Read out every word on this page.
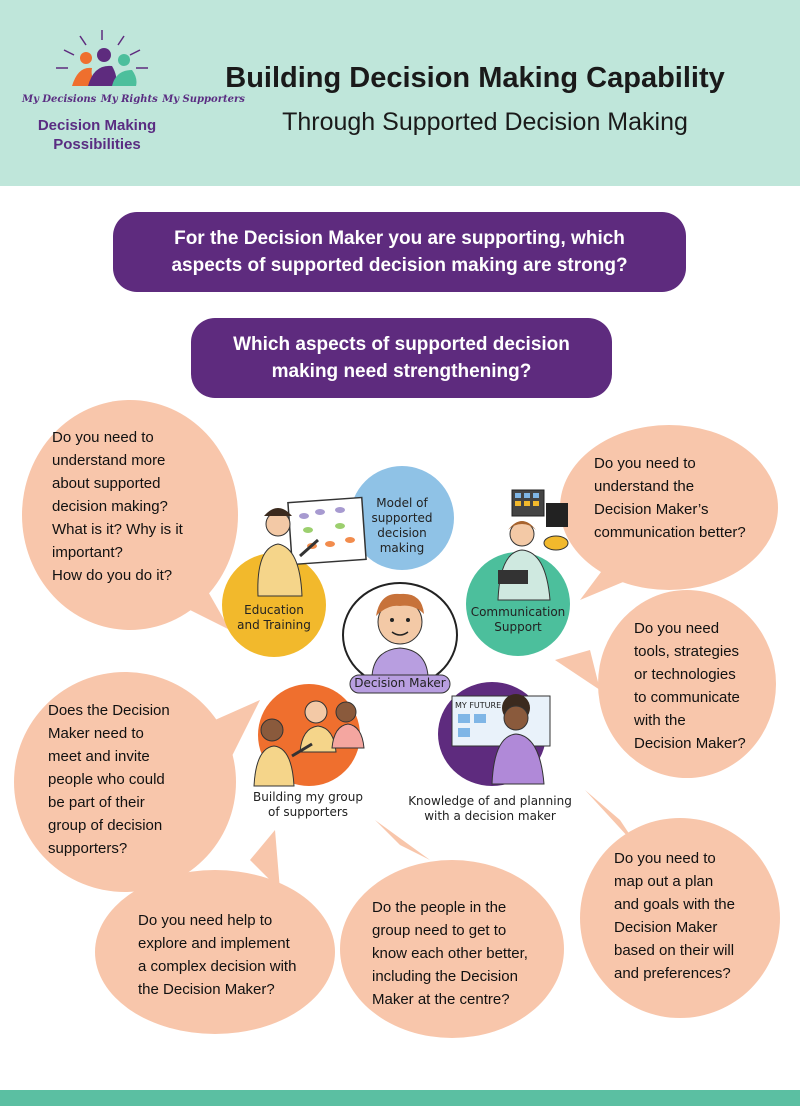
My Decisions My Rights My Supporters
Decision Making
Possibilities
Building Decision Making Capability
Through Supported Decision Making
For the Decision Maker you are supporting, which
aspects of supported decision making are strong?
Which aspects of supported decision
making need strengthening?
Do you need to
understand more
about supported
decision making?
What is it? Why is it
important?
How do you do it?
Do you need to
understand the
Decision Maker’s
communication better?
Do you need
tools, strategies
or technologies
to communicate
with the
Decision Maker?
Does the Decision
Maker need to
meet and invite
people who could
be part of their
group of decision
supporters?
Do you need to
map out a plan
and goals with the
Decision Maker
based on their will
and preferences?
Do you need help to
explore and implement
a complex decision with
the Decision Maker?
Do the people in the
group need to get to
know each other better,
including the Decision
Maker at the centre?
Model of
supported
decision
making
Education
and Training
Communication
Support
MY FUTURE
Decision Maker
Building my group
of supporters
Knowledge of and planning
with a decision maker
